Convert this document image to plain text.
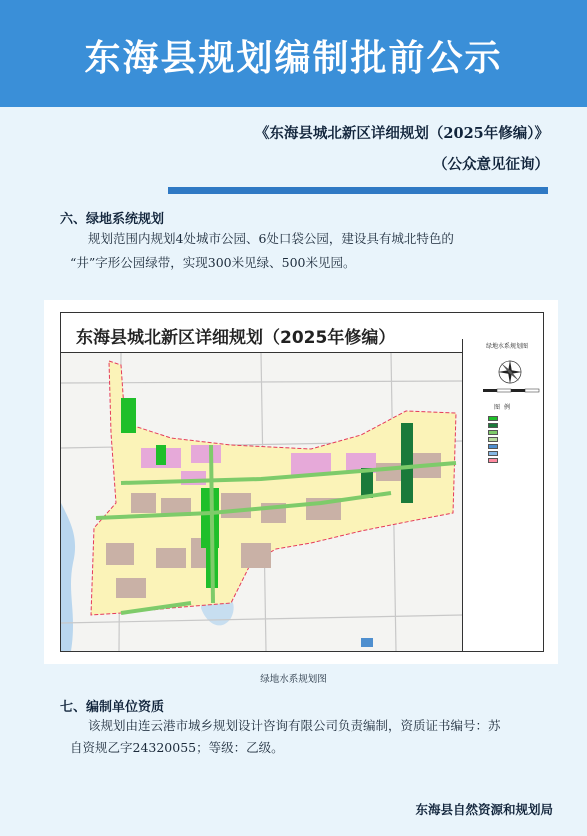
东海县规划编制批前公示
《东海县城北新区详细规划（2025年修编）》
（公众意见征询）
六、绿地系统规划
规划范围内规划4处城市公园、6处口袋公园，建设具有城北特色的
“井”字形公园绿带，实现300米见绿、500米见园。
东海县城北新区详细规划（2025年修编）	绿地水系规划图
图例
绿地水系规划图
七、编制单位资质
该规划由连云港市城乡规划设计咨询有限公司负责编制，资质证书编号：苏
自资规乙字24320055；等级：乙级。
东海县自然资源和规划局
